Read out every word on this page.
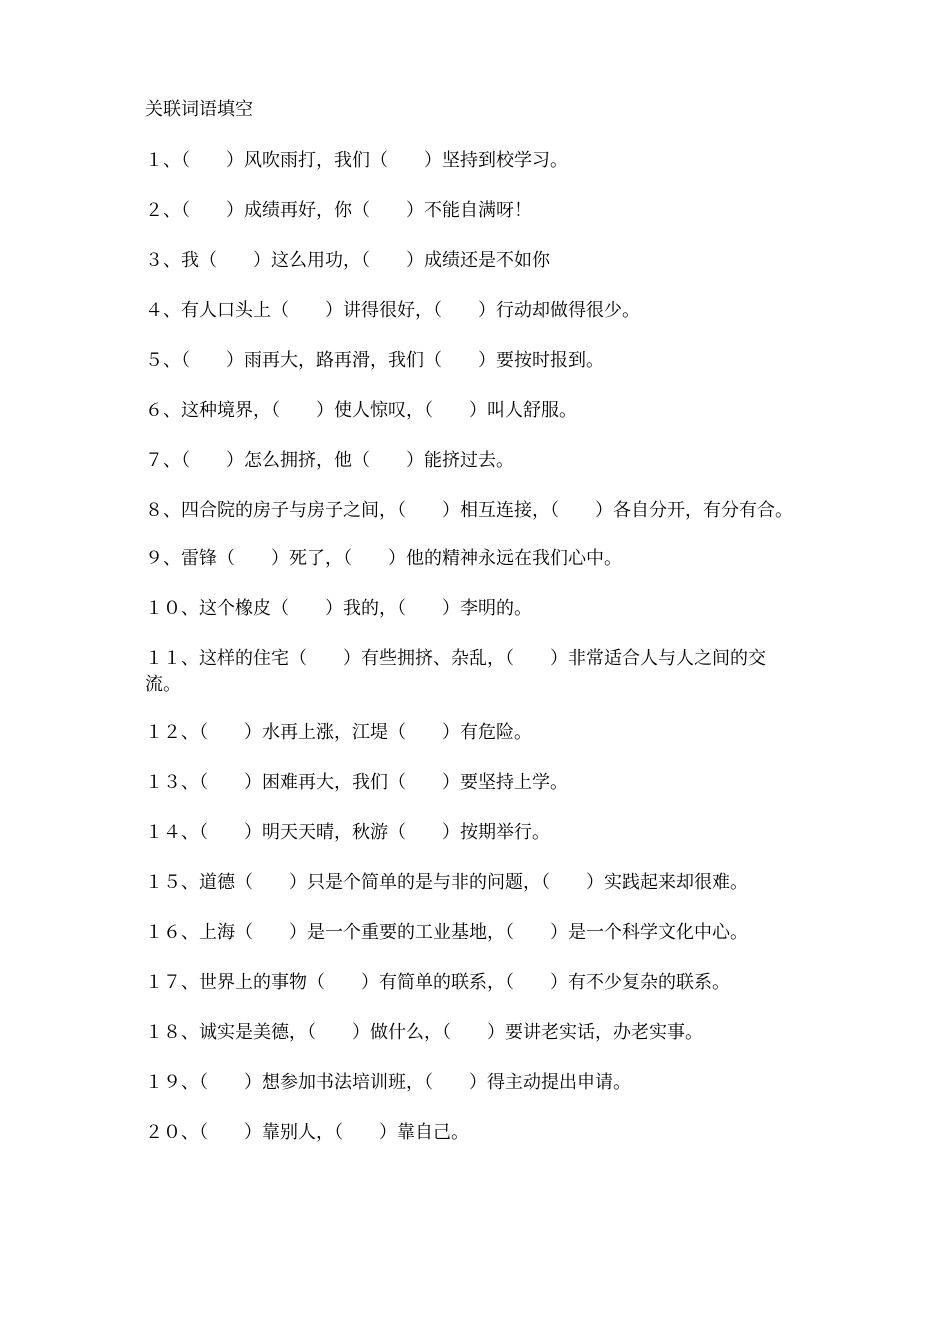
关联词语填空
１、（　　）风吹雨打，我们（　　）坚持到校学习。
２、（　　）成绩再好，你（　　）不能自满呀！
３、我（　　）这么用功，（　　）成绩还是不如你
４、有人口头上（　　）讲得很好，（　　）行动却做得很少。
５、（　　）雨再大，路再滑，我们（　　）要按时报到。
６、这种境界，（　　）使人惊叹，（　　）叫人舒服。
７、（　　）怎么拥挤，他（　　）能挤过去。
８、四合院的房子与房子之间，（　　）相互连接，（　　）各自分开，有分有合。
９、雷锋（　　）死了，（　　）他的精神永远在我们心中。
１０、这个橡皮（　　）我的，（　　）李明的。
１１、这样的住宅（　　）有些拥挤、杂乱，（　　）非常适合人与人之间的交流。
１２、（　　）水再上涨，江堤（　　）有危险。
１３、（　　）困难再大，我们（　　）要坚持上学。
１４、（　　）明天天晴，秋游（　　）按期举行。
１５、道德（　　）只是个简单的是与非的问题，（　　）实践起来却很难。
１６、上海（　　）是一个重要的工业基地，（　　）是一个科学文化中心。
１７、世界上的事物（　　）有简单的联系，（　　）有不少复杂的联系。
１８、诚实是美德，（　　）做什么，（　　）要讲老实话，办老实事。
１９、（　　）想参加书法培训班，（　　）得主动提出申请。
２０、（　　）靠别人，（　　）靠自己。
